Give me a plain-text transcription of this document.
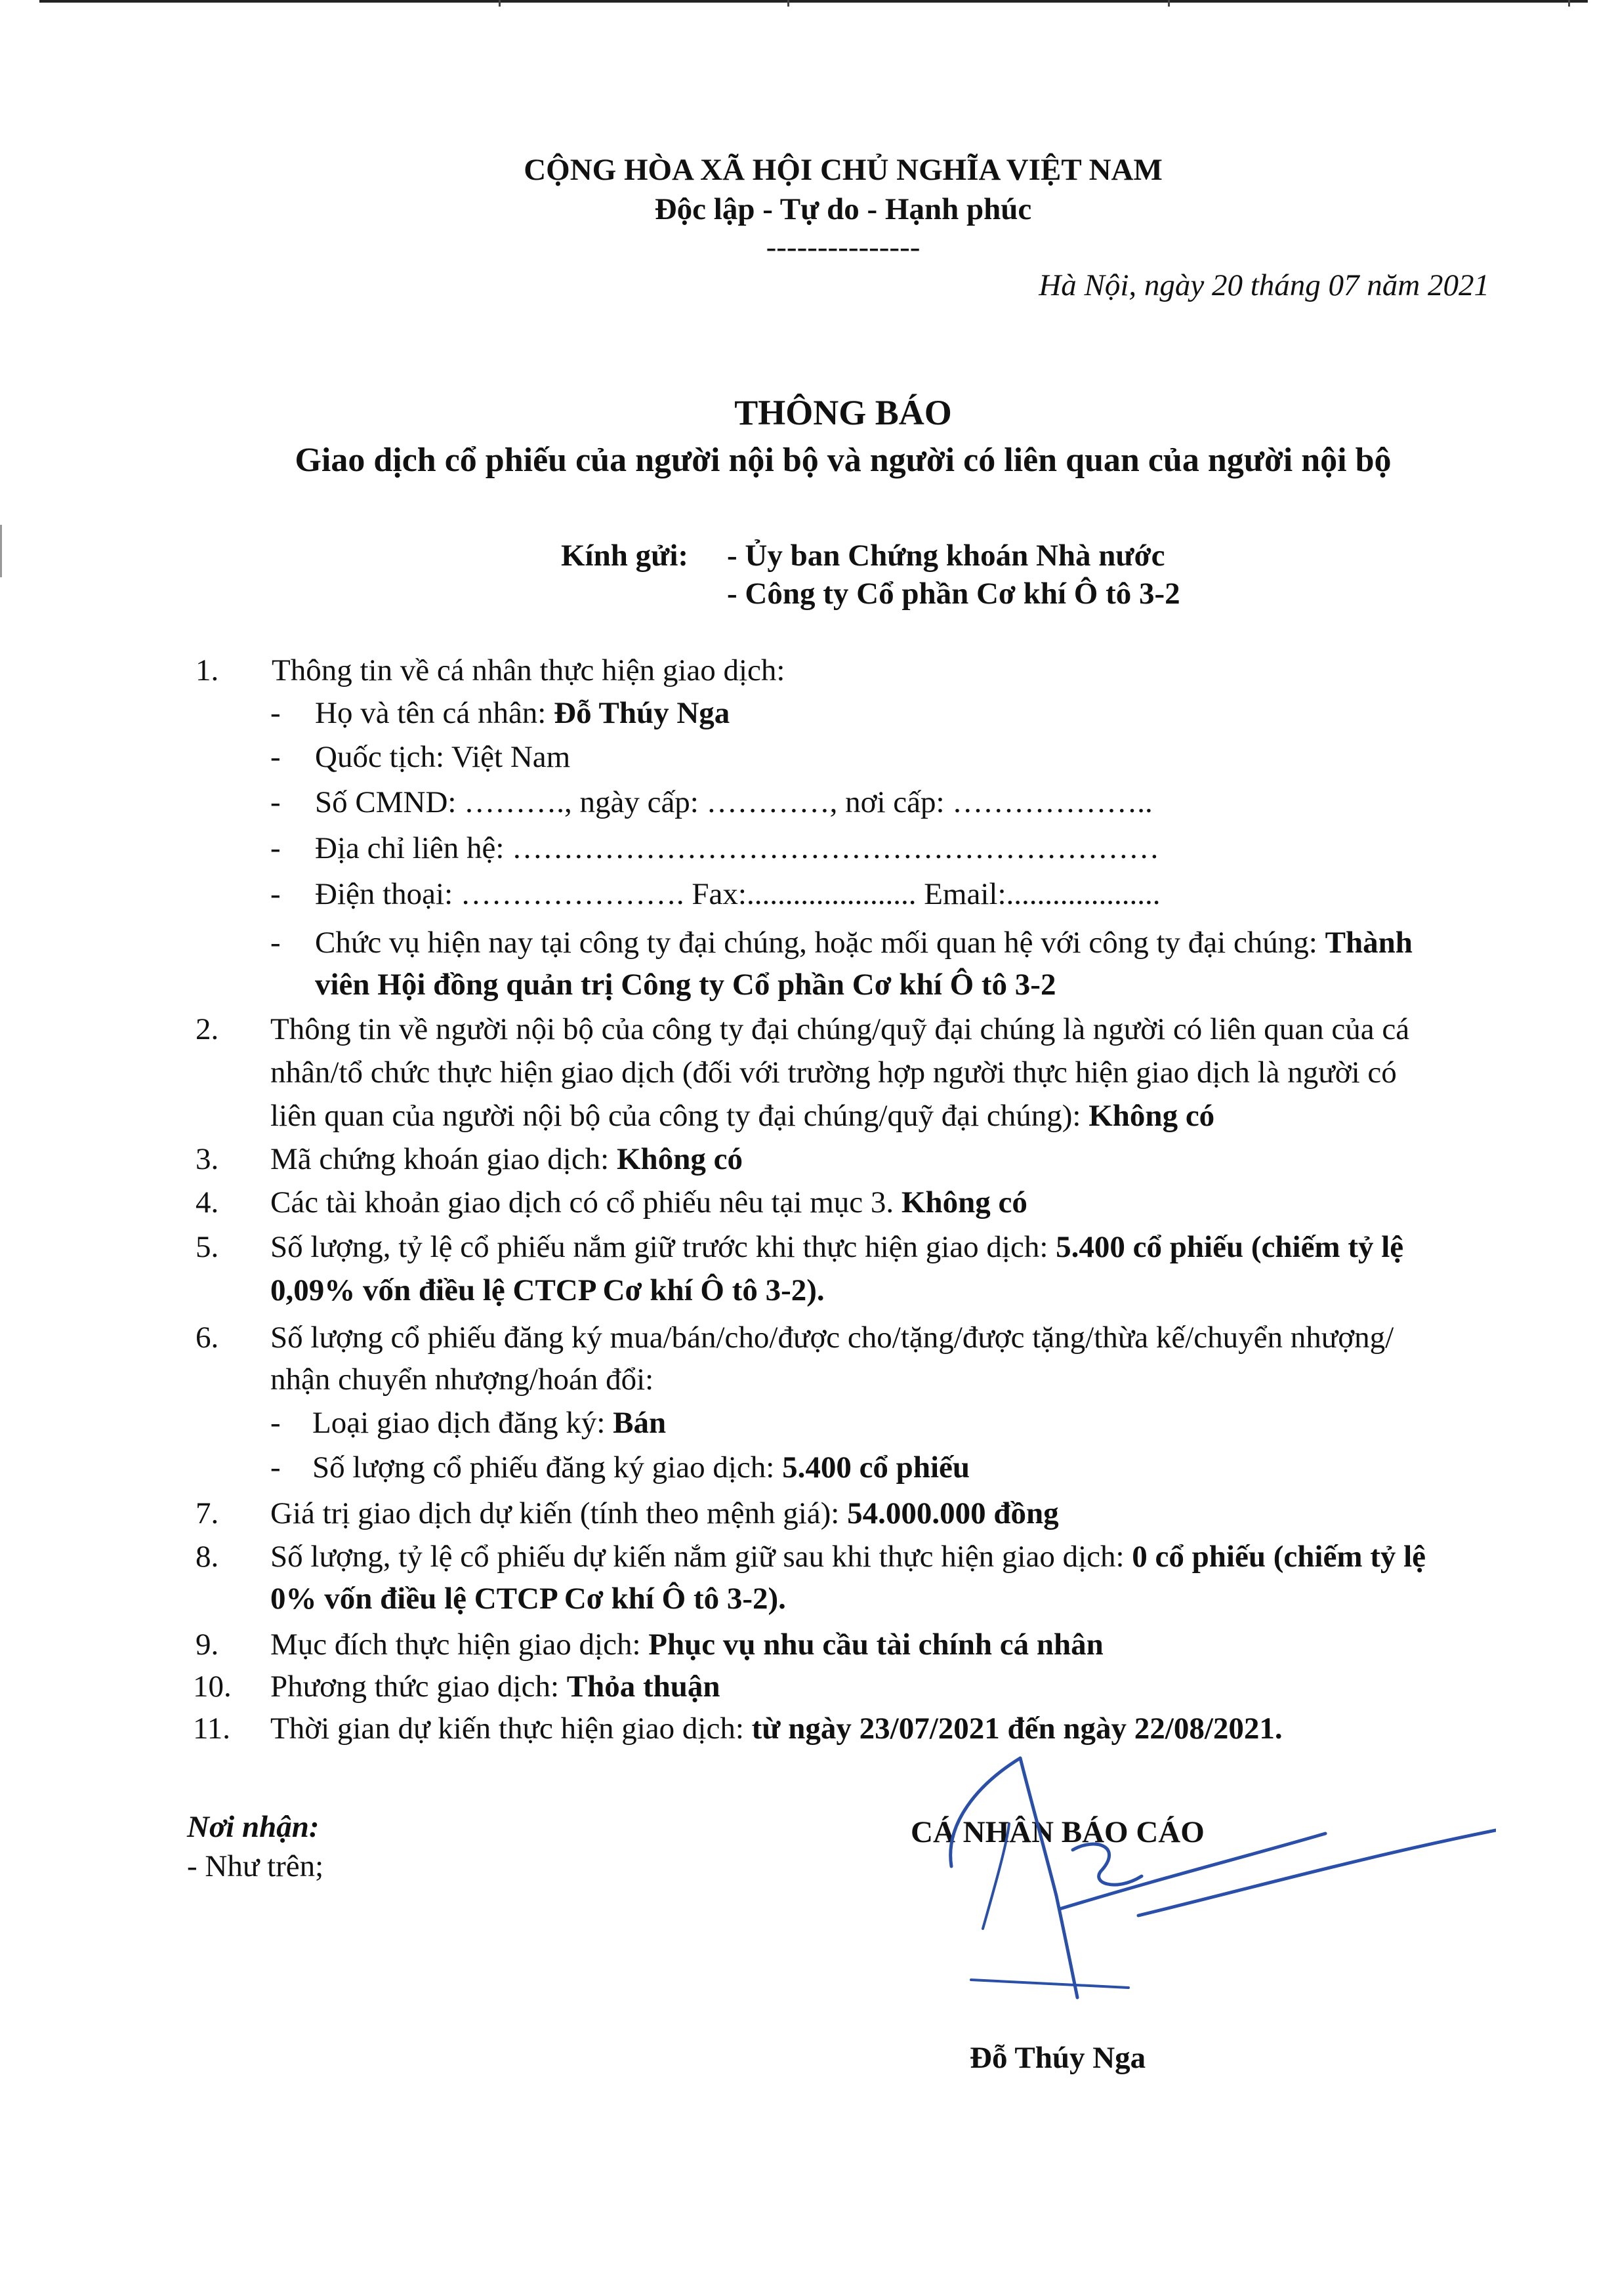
CỘNG HÒA XÃ HỘI CHỦ NGHĨA VIỆT NAM
Độc lập - Tự do - Hạnh phúc
---------------
Hà Nội, ngày 20 tháng 07 năm 2021
THÔNG BÁO
Giao dịch cổ phiếu của người nội bộ và người có liên quan của người nội bộ
Kính gửi: - Ủy ban Chứng khoán Nhà nước
- Công ty Cổ phần Cơ khí Ô tô 3-2
1. Thông tin về cá nhân thực hiện giao dịch:
- Họ và tên cá nhân: Đỗ Thúy Nga
- Quốc tịch: Việt Nam
- Số CMND: ………., ngày cấp: …………, nơi cấp: ………………..
- Địa chỉ liên hệ: ………………………………………………………
- Điện thoại: …………………. Fax:...................... Email:....................
- Chức vụ hiện nay tại công ty đại chúng, hoặc mối quan hệ với công ty đại chúng: Thành
viên Hội đồng quản trị Công ty Cổ phần Cơ khí Ô tô 3-2
2. Thông tin về người nội bộ của công ty đại chúng/quỹ đại chúng là người có liên quan của cá
nhân/tổ chức thực hiện giao dịch (đối với trường hợp người thực hiện giao dịch là người có
liên quan của người nội bộ của công ty đại chúng/quỹ đại chúng): Không có
3. Mã chứng khoán giao dịch: Không có
4. Các tài khoản giao dịch có cổ phiếu nêu tại mục 3. Không có
5. Số lượng, tỷ lệ cổ phiếu nắm giữ trước khi thực hiện giao dịch: 5.400 cổ phiếu (chiếm tỷ lệ
0,09% vốn điều lệ CTCP Cơ khí Ô tô 3-2).
6. Số lượng cổ phiếu đăng ký mua/bán/cho/được cho/tặng/được tặng/thừa kế/chuyển nhượng/
nhận chuyển nhượng/hoán đổi:
- Loại giao dịch đăng ký: Bán
- Số lượng cổ phiếu đăng ký giao dịch: 5.400 cổ phiếu
7. Giá trị giao dịch dự kiến (tính theo mệnh giá): 54.000.000 đồng
8. Số lượng, tỷ lệ cổ phiếu dự kiến nắm giữ sau khi thực hiện giao dịch: 0 cổ phiếu (chiếm tỷ lệ
0% vốn điều lệ CTCP Cơ khí Ô tô 3-2).
9. Mục đích thực hiện giao dịch: Phục vụ nhu cầu tài chính cá nhân
10. Phương thức giao dịch: Thỏa thuận
11. Thời gian dự kiến thực hiện giao dịch: từ ngày 23/07/2021 đến ngày 22/08/2021.
Nơi nhận:
- Như trên;
CÁ NHÂN BÁO CÁO
Đỗ Thúy Nga
